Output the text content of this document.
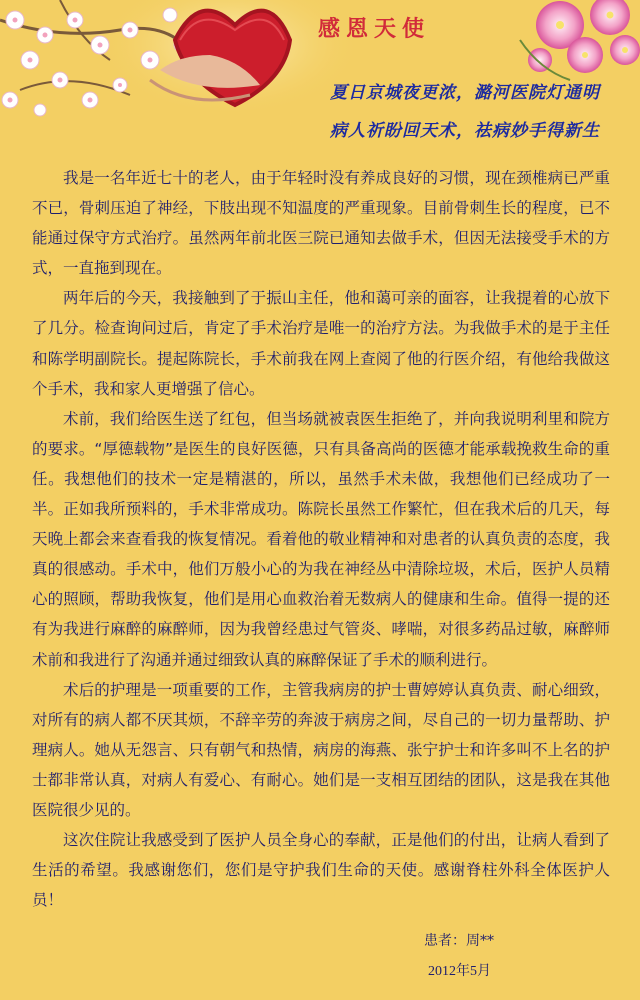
感恩天使
夏日京城夜更浓，潞河医院灯通明
病人祈盼回天术，祛病妙手得新生

我是一名年近七十的老人，由于年轻时没有养成良好的习惯，现在颈椎病已严重不已，骨刺压迫了神经，下肢出现不知温度的严重现象。目前骨刺生长的程度，已不能通过保守方式治疗。虽然两年前北医三院已通知去做手术，但因无法接受手术的方式，一直拖到现在。

两年后的今天，我接触到了于振山主任，他和蔼可亲的面容，让我提着的心放下了几分。检查询问过后，肯定了手术治疗是唯一的治疗方法。为我做手术的是于主任和陈学明副院长。提起陈院长，手术前我在网上查阅了他的行医介绍，有他给我做这个手术，我和家人更增强了信心。

术前，我们给医生送了红包，但当场就被袁医生拒绝了，并向我说明利里和院方的要求。“厚德载物”是医生的良好医德，只有具备高尚的医德才能承载挽救生命的重任。我想他们的技术一定是精湛的，所以，虽然手术未做，我想他们已经成功了一半。正如我所预料的，手术非常成功。陈院长虽然工作繁忙，但在我术后的几天，每天晚上都会来查看我的恢复情况。看着他的敬业精神和对患者的认真负责的态度，我真的很感动。手术中，他们万般小心的为我在神经丛中清除垃圾，术后，医护人员精心的照顾，帮助我恢复，他们是用心血救治着无数病人的健康和生命。值得一提的还有为我进行麻醉的麻醉师，因为我曾经患过气管炎、哮喘，对很多药品过敏，麻醉师术前和我进行了沟通并通过细致认真的麻醉保证了手术的顺利进行。

术后的护理是一项重要的工作，主管我病房的护士曹婷婷认真负责、耐心细致，对所有的病人都不厌其烦，不辞辛劳的奔波于病房之间，尽自己的一切力量帮助、护理病人。她从无怨言、只有朝气和热情，病房的海燕、张宁护士和许多叫不上名的护士都非常认真，对病人有爱心、有耐心。她们是一支相互团结的团队，这是我在其他医院很少见的。

这次住院让我感受到了医护人员全身心的奉献，正是他们的付出，让病人看到了生活的希望。我感谢您们，您们是守护我们生命的天使。感谢脊柱外科全体医护人员！

患者：周**
2012年5月
